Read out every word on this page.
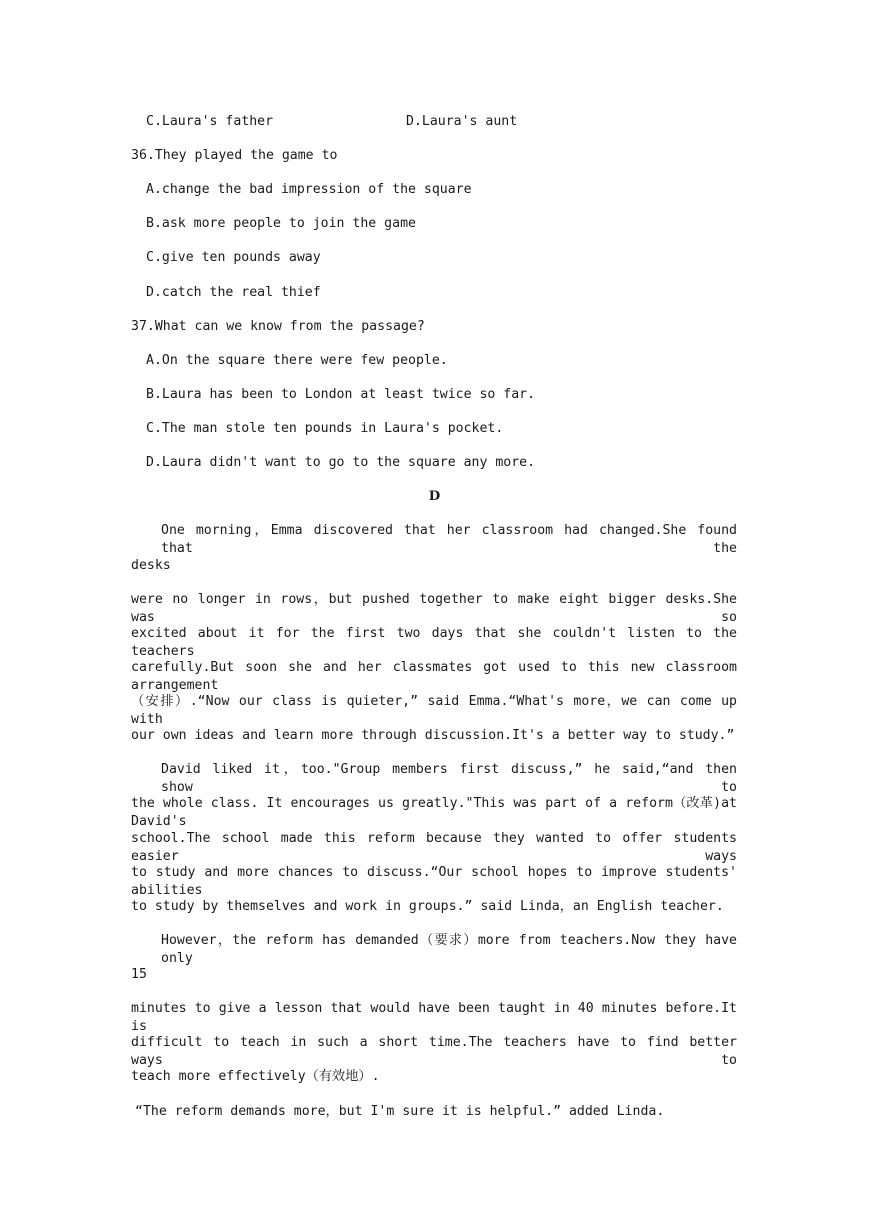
C.Laura's father	D.Laura's aunt
36.They played the game to
A.change the bad impression of the square
B.ask more people to join the game
C.give ten pounds away
D.catch the real thief
37.What can we know from the passage?
A.On the square there were few people.
B.Laura has been to London at least twice so far.
C.The man stole ten pounds in Laura's pocket.
D.Laura didn't want to go to the square any more.
D
One morning，Emma discovered that her classroom had changed.She found that the
desks
were no longer in rows，but pushed together to make eight bigger desks.She was so
excited about it for the first two days that she couldn't listen to the teachers
carefully.But soon she and her classmates got used to this new classroom arrangement
（安排）.“Now our class is quieter,” said Emma.“What's more，we can come up with
our own ideas and learn more through discussion.It's a better way to study.”
David liked it，too."Group members first discuss,” he said,“and then show to
the whole class. It encourages us greatly."This was part of a reform（改革)at David's
school.The school made this reform because they wanted to offer students easier ways
to study and more chances to discuss.“Our school hopes to improve students' abilities
to study by themselves and work in groups.” said Linda，an English teacher.
However，the reform has demanded（要求）more from teachers.Now they have only
15
minutes to give a lesson that would have been taught in 40 minutes before.It is
difficult to teach in such a short time.The teachers have to find better ways to
teach more effectively（有效地）.
“The reform demands more，but I'm sure it is helpful.” added Linda.
